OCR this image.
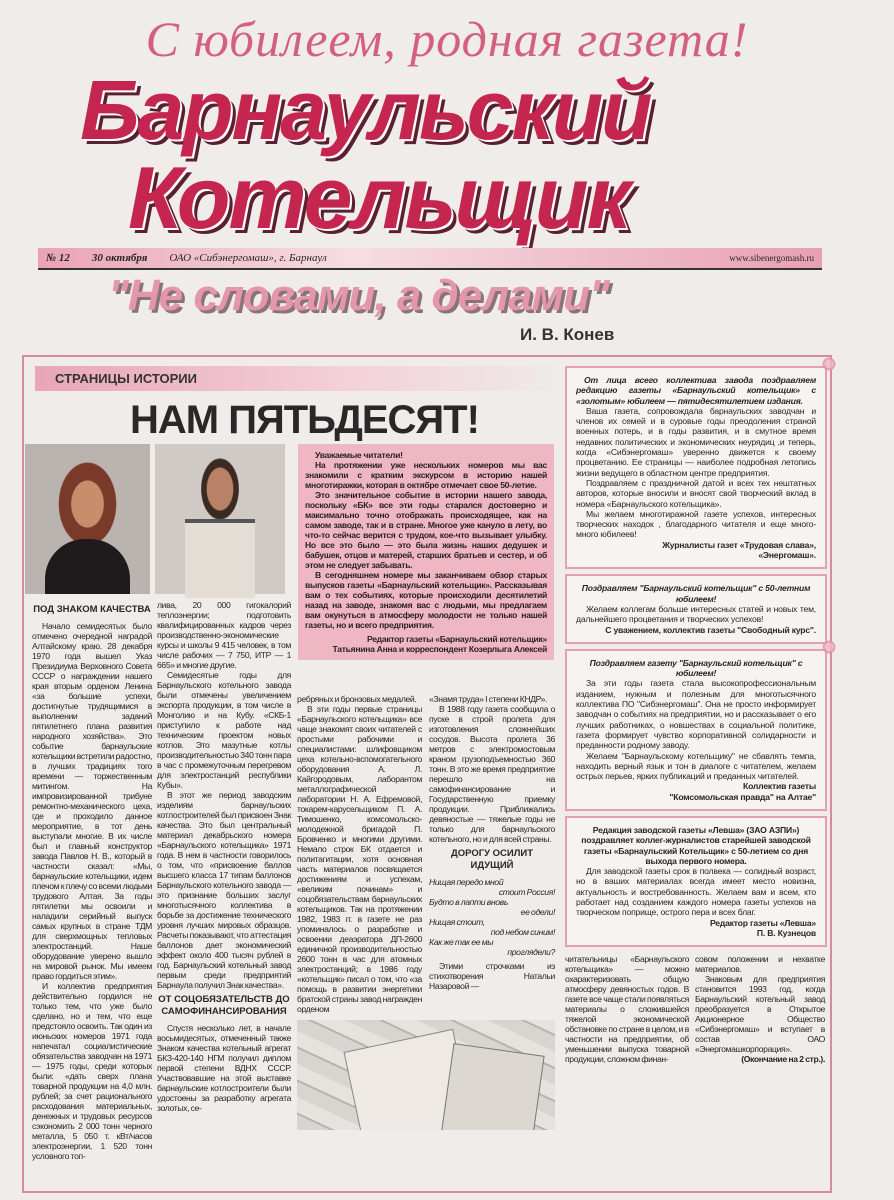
С юбилеем, родная газета!
Барнаульский
Котельщик
№ 12 30 октября ОАО «Сибэнергомаш», г. Барнаул	www.sibenergomash.ru
"Не словами, а делами"
И. В. Конев
СТРАНИЦЫ ИСТОРИИ
НАМ ПЯТЬДЕСЯТ!

Уважаемые читатели!

На протяжении уже нескольких номеров мы вас знакомили с кратким экскурсом в историю нашей многотиражки, которая в октябре отмечает свое 50-летие.

Это значительное событие в истории нашего завода, поскольку «БК» все эти годы старался достоверно и максимально точно отображать происходящее, как на самом заводе, так и в стране. Многое уже кануло в лету, во что-то сейчас верится с трудом, кое-что вызывает улыбку. Но все это было — это была жизнь наших дедушек и бабушек, отцов и матерей, старших братьев и сестер, и об этом не следует забывать.

В сегодняшнем номере мы заканчиваем обзор старых выпусков газеты «Барнаульский котельщик». Рассказывая вам о тех событиях, которые происходили десятилетий назад на заводе, знакомя вас с людьми, мы предлагаем вам окунуться в атмосферу молодости не только нашей газеты, но и всего предприятия.

Редактор газеты «Барнаульский котельщик»
Татьянина Анна и корреспондент Козерлыга Алексей

ПОД ЗНАКОМ КАЧЕСТВА

Начало семидесятых было отмечено очередной наградой Алтайскому краю. 28 декабря 1970 года вышел Указ Президиума Верховного Совета СССР о награждении нашего края вторым орденом Ленина «за большие успехи, достигнутые трудящимися в выполнении заданий пятилетнего плана развития народного хозяйства». Это событие барнаульские котельщики встретили радостно, в лучших традициях того времени — торжественным митингом. На импровизированной трибуне ремонтно-механического цеха, где и проходило данное мероприятие, в тот день выступали многие. В их числе был и главный конструктор завода Павлов Н. В., который в частности сказал: «Мы, барнаульские котельщики, идем плечом к плечу со всеми людьми трудового Алтая. За годы пятилетки мы освоили и наладили серийный выпуск самых крупных в стране ТДМ для сверхмощных тепловых электростанций. Наше оборудование уверено вышло на мировой рынок. Мы имеем право гордиться этим».

И коллектив предприятия действительно гордился не только тем, что уже было сделано, но и тем, что еще предстояло освоить. Так один из июньских номеров 1971 года напечатал социалистические обязательства заводчан на 1971 — 1975 годы, среди которых были: «дать сверх плана товарной продукции на 4,0 млн. рублей; за счет рационального расходования материальных, денежных и трудовых ресурсов сэкономить 2 000 тонн черного металла, 5 050 т. кВт/часов электроэнергии, 1 520 тонн условного топ-

лива, 20 000 гигокалорий теплоэнергии; подготовить квалифицированных кадров через производственно-экономические курсы и школы 9 415 человек, в том числе рабочих — 7 750, ИТР — 1 665» и многие другие.

Семидесятые годы для Барнаульского котельного завода были отмечены увеличением экспорта продукции, в том числе в Монголию и на Кубу. «СКБ-1 приступило к работе над техническим проектом новых котлов. Это мазутные котлы производительностью 340 тонн пара в час с промежуточным перегревом для электростанций республики Кубы».

В этот же период заводским изделиям барнаульских котлостроителей был присвоен Знак качества. Это был центральный материал декабрьского номера «Барнаульского котельщика» 1971 года. В нем в частности говорилось о том, что «присвоение баллов высшего класса 17 типам баллонов Барнаульского котельного завода — это признание больших заслуг многотысячного коллектива в борьбе за достижение технического уровня лучших мировых образцов. Расчеты показывают, что аттестация баллонов дает экономический эффект около 400 тысяч рублей в год. Барнаульский котельный завод первым среди предприятий Барнаула получил Знак качества».

ОТ СОЦОБЯЗАТЕЛЬСТВ ДО САМОФИНАНСИРОВАНИЯ

Спустя несколько лет, в начале восьмидесятых, отмеченный также Знаком качества котельный агрегат БКЗ-420-140 НГМ получил диплом первой степени ВДНХ СССР. Участвовавшие на этой выставке барнаульские котлостроители были удостоены за разработку агрегата золотых, се-

ребряных и бронзовых медалей.

В эти годы первые страницы «Барнаульского котельщика» все чаще знакомят своих читателей с простыми рабочими и специалистами: шлифовщиком цеха котельно-вспомогательного оборудования А. Л. Кайгородовым, лаборантом металлографической лаборатории Н. А. Ефремовой, токарем-карусельщиком П. А. Тимошенко, комсомольско-молодежной бригадой П. Бровченко и многими другими. Немало строк БК отдается и политагитации, хотя основная часть материалов посвящается достижениям и успехам, «великим починам» и соцобязательствам барнаульских котельщиков. Так на протяжении 1982, 1983 гг. в газете не раз упоминалось о разработке и освоении деаэратора ДП-2600 единичной производительностью 2600 тонн в час для атомных электростанций; в 1986 году «котельщик» писал о том, что «за помощь в развитии энергетики братской страны завод награжден орденом

«Знамя труда» I степени КНДР».

В 1988 году газета сообщила о пуске в строй пролета для изготовления сложнейших сосудов. Высота пролета 36 метров с электромостовым краном грузоподъемностью 360 тонн. В это же время предприятие перешло на самофинансирование и Государственную приемку продукции. Приближались девяностые — тяжелые годы не только для барнаульского котельного, но и для всей страны.

ДОРОГУ ОСИЛИТ ИДУЩИЙ
Нищая передо мной
стоит Россия!
Будто в лапти вновь
ее одели!
Нищая стоит,
под небом синим!
Как же так ее мы
проглядели?

Этими строчками из стихотворения Натальи Назаровой —

От лица всего коллектива завода поздравляем редакцию газеты «Барнаульский котельщик» с «золотым» юбилеем — пятидесятилетием издания.

Ваша газета, сопровождала барнаульских заводчан и членов их семей и в суровые годы преодоления страной военных потерь, и в годы развития, и в смутное время недавних политических и экономических неурядиц ,и теперь, когда «Сибэнергомаш» уверенно движется к своему процветанию. Ее страницы — наиболее подробная летопись жизни ведущего в областном центре предприятия.

Поздравляем с праздничной датой и всех тех нештатных авторов, которые вносили и вносят свой творческий вклад в номера «Барнаульского котельщика».

Мы желаем многотиражной газете успехов, интересных творческих находок , благодарного читателя и еще много-много юбилеев!

Журналисты газет «Трудовая слава»,
«Энергомаш».

Поздравляем "Барнаульский котельщик" с 50-летним юбилеем!

Желаем коллегам больше интересных статей и новых тем, дальнейшего процветания и творческих успехов!

С уважением, коллектив газеты "Свободный курс".

Поздравляем газету "Барнаульский котельщик" с юбилеем!

За эти годы газета стала высокопрофессиональным изданием, нужным и полезным для многотысячного коллектива ПО "Сибэнергомаш". Она не просто информирует заводчан о событиях на предприятии, но и рассказывает о его лучших работниках, о новшествах в социальной политике, газета формирует чувство корпоративной солидарности и преданности родному заводу.

Желаем "Барнаульскому котельщику" не сбавлять темпа, находить верный язык и тон в диалоге с читателем, желаем острых перьев, ярких публикаций и преданных читателей.

Коллектив газеты
"Комсомольская правда" на Алтае"

Редакция заводской газеты «Левша» (ЗАО АЗПИ») поздравляет коллег-журналистов старейшей заводской газеты «Барнаульский Котельщик» с 50-летием со дня выхода первого номера.

Для заводской газеты срок в полвека — солидный возраст, но в ваших материалах всегда имеет место новизна, актуальность и востребованность. Желаем вам и всем, кто работает над созданием каждого номера газеты успехов на творческом поприще, острого пера и всех благ.

Редактор газеты «Левша»
П. В. Кузнецов

читательницы «Барнаульского котельщика» — можно охарактеризовать общую атмосферу девяностых годов. В газете все чаще стали появляться материалы о сложившейся тяжелой экономической обстановке по стране в целом, и в частности на предприятии, об уменьшении выпуска товарной продукции, сложном финан-

совом положении и нехватке материалов.

Знаковым для предприятия становится 1993 год, когда Барнаульский котельный завод преобразуется в Открытое Акционерное Общество «Сибэнергомаш» и вступает в состав ОАО «Энергомашкорпорация».

(Окончание на 2 стр.).
